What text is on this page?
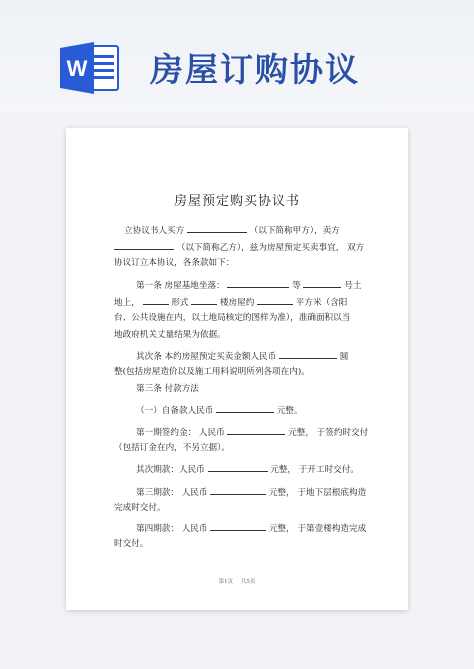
W 房屋订购协议
房屋预定购买协议书
立协议书人买方	（以下简称甲方），卖方
（以下简称乙方），兹为房屋预定买卖事宜， 双方
协议订立本协议，各条款如下：
第一条 房屋基地坐落：	等	号土
地上，	形式	楼房屋约	平方米（含阳
台、公共设施在内，以土地局核定的图样为准），准确面积以当
地政府机关丈量结果为依据。
其次条 本约房屋预定买卖金额人民币	圆
整(包括房屋造价以及施工用料说明所列各项在内)。
第三条 付款方法
（一）自备款人民币	元整。
第一期签约金： 人民币	元整， 于签约时交付
（包括订金在内，不另立据）。
其次期款：人民币	元整， 于开工时交付。
第三期款： 人民币	元整， 于地下层根底构造
完成时交付。
第四期款： 人民币	元整， 于第壹楼构造完成
时交付。
第1页 共5页
